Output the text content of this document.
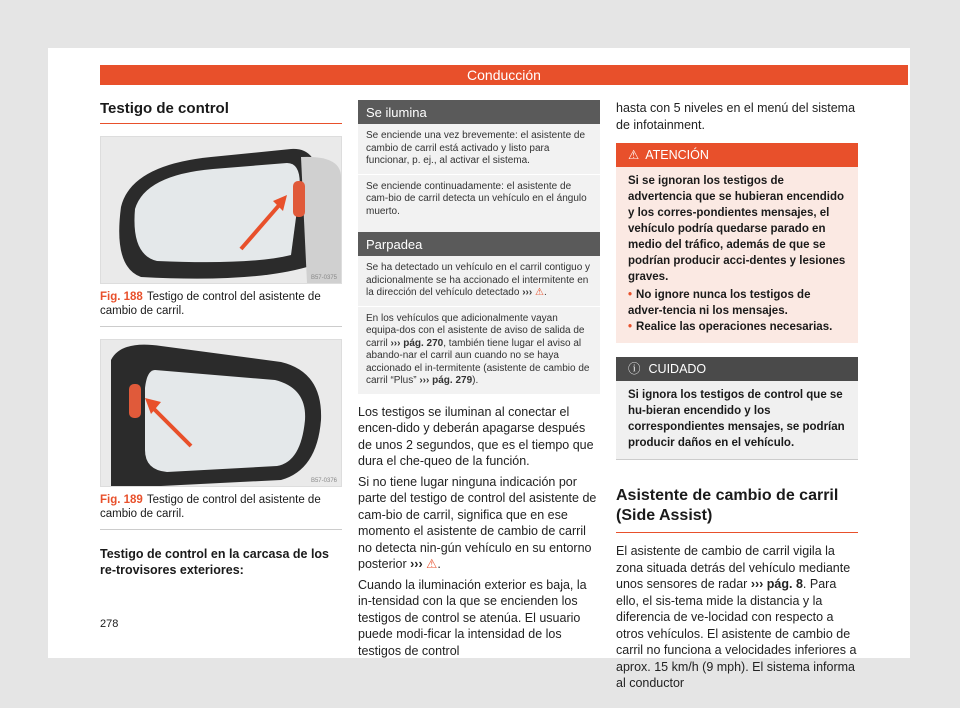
Conducción
Testigo de control
B57-0375
Fig. 188 Testigo de control del asistente de cambio de carril.
B57-0376
Fig. 189 Testigo de control del asistente de cambio de carril.
Testigo de control en la carcasa de los re-trovisores exteriores:
Se ilumina
Se enciende una vez brevemente: el asistente de cambio de carril está activado y listo para funcionar, p. ej., al activar el sistema.
Se enciende continuadamente: el asistente de cam-bio de carril detecta un vehículo en el ángulo muerto.
Parpadea
Se ha detectado un vehículo en el carril contiguo y adicionalmente se ha accionado el intermitente en la dirección del vehículo detectado ››› ⚠.
En los vehículos que adicionalmente vayan equipa-dos con el asistente de aviso de salida de carril ››› pág. 270, también tiene lugar el aviso al abando-nar el carril aun cuando no se haya accionado el in-termitente (asistente de cambio de carril “Plus” ››› pág. 279).

Los testigos se iluminan al conectar el encen-dido y deberán apagarse después de unos 2 segundos, que es el tiempo que dura el che-queo de la función.

Si no tiene lugar ninguna indicación por parte del testigo de control del asistente de cam-bio de carril, significa que en ese momento el asistente de cambio de carril no detecta nin-gún vehículo en su entorno posterior ››› ⚠.

Cuando la iluminación exterior es baja, la in-tensidad con la que se encienden los testigos de control se atenúa. El usuario puede modi-ficar la intensidad de los testigos de control

hasta con 5 niveles en el menú del sistema de infotainment.

⚠ ATENCIÓN

Si se ignoran los testigos de advertencia que se hubieran encendido y los corres-pondientes mensajes, el vehículo podría quedarse parado en medio del tráfico, además de que se podrían producir acci-dentes y lesiones graves.

• No ignore nunca los testigos de adver-tencia ni los mensajes.
• Realice las operaciones necesarias.
ⓘ CUIDADO
Si ignora los testigos de control que se hu-bieran encendido y los correspondientes mensajes, se podrían producir daños en el vehículo.
Asistente de cambio de carril (Side Assist)

El asistente de cambio de carril vigila la zona situada detrás del vehículo mediante unos sensores de radar ››› pág. 8. Para ello, el sis-tema mide la distancia y la diferencia de ve-locidad con respecto a otros vehículos. El asistente de cambio de carril no funciona a velocidades inferiores a aprox. 15 km/h (9 mph). El sistema informa al conductor

278
